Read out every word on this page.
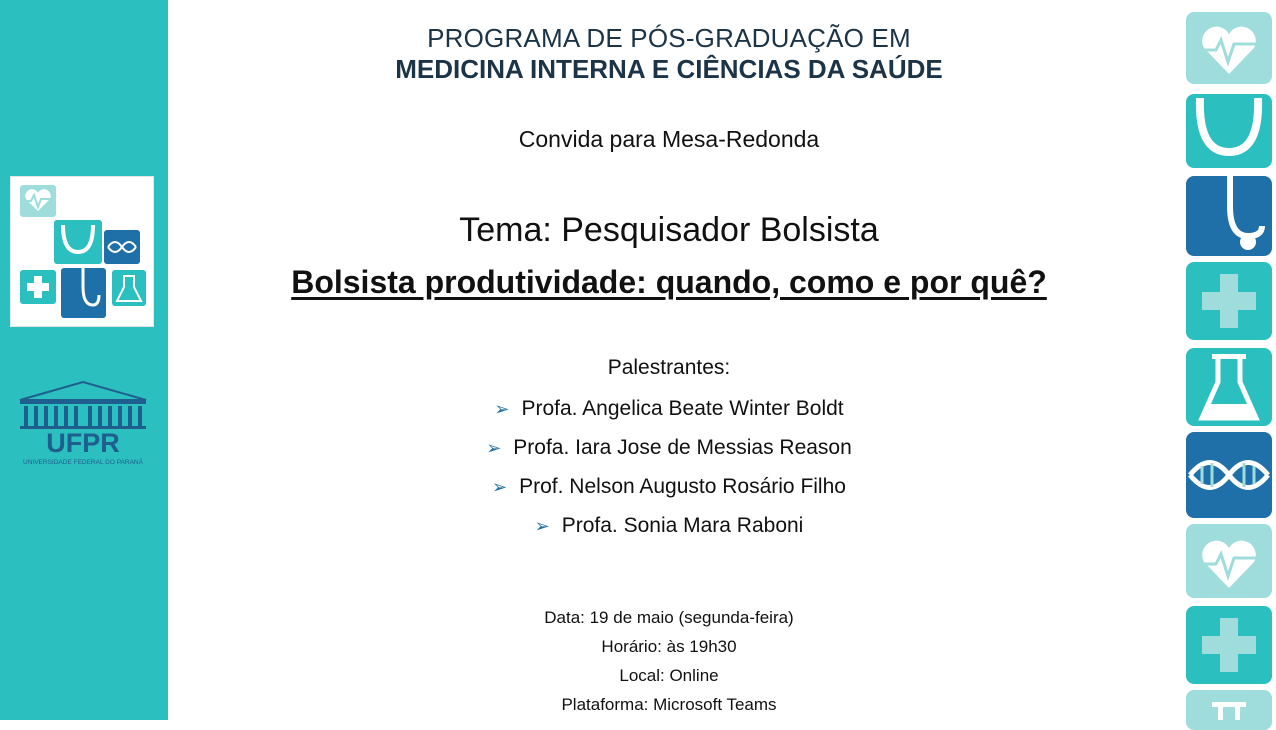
UFPR
UNIVERSIDADE FEDERAL DO PARANÁ
PROGRAMA DE PÓS-GRADUAÇÃO EM
MEDICINA INTERNA E CIÊNCIAS DA SAÚDE
Convida para Mesa-Redonda
Tema: Pesquisador Bolsista
Bolsista produtividade: quando, como e por quê?
Palestrantes:
➢ Profa. Angelica Beate Winter Boldt
➢ Profa. Iara Jose de Messias Reason
➢ Prof. Nelson Augusto Rosário Filho
➢ Profa. Sonia Mara Raboni
Data: 19 de maio (segunda-feira)
Horário: às 19h30
Local: Online
Plataforma: Microsoft Teams
